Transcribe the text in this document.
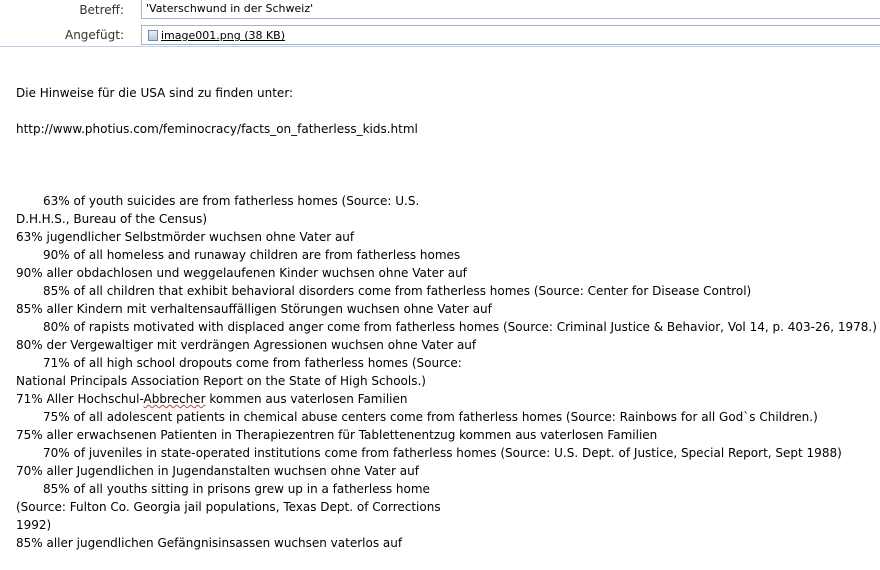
Betreff:	'Vaterschwund in der Schweiz'
Angefügt:	image001.png (38 KB)
Die Hinweise für die USA sind zu finden unter:
http://www.photius.com/feminocracy/facts_on_fatherless_kids.html
63% of youth suicides are from fatherless homes (Source: U.S.
D.H.H.S., Bureau of the Census)
63% jugendlicher Selbstmörder wuchsen ohne Vater auf
90% of all homeless and runaway children are from fatherless homes
90% aller obdachlosen und weggelaufenen Kinder wuchsen ohne Vater auf
85% of all children that exhibit behavioral disorders come from fatherless homes (Source: Center for Disease Control)
85% aller Kindern mit verhaltensauffälligen Störungen wuchsen ohne Vater auf
80% of rapists motivated with displaced anger come from fatherless homes (Source: Criminal Justice & Behavior, Vol 14, p. 403-26, 1978.)
80% der Vergewaltiger mit verdrängen Agressionen wuchsen ohne Vater auf
71% of all high school dropouts come from fatherless homes (Source:
National Principals Association Report on the State of High Schools.)
71% Aller Hochschul-Abbrecher kommen aus vaterlosen Familien
75% of all adolescent patients in chemical abuse centers come from fatherless homes (Source: Rainbows for all God`s Children.)
75% aller erwachsenen Patienten in Therapiezentren für Tablettenentzug kommen aus vaterlosen Familien
70% of juveniles in state-operated institutions come from fatherless homes (Source: U.S. Dept. of Justice, Special Report, Sept 1988)
70% aller Jugendlichen in Jugendanstalten wuchsen ohne Vater auf
85% of all youths sitting in prisons grew up in a fatherless home
(Source: Fulton Co. Georgia jail populations, Texas Dept. of Corrections
1992)
85% aller jugendlichen Gefängnisinsassen wuchsen vaterlos auf
